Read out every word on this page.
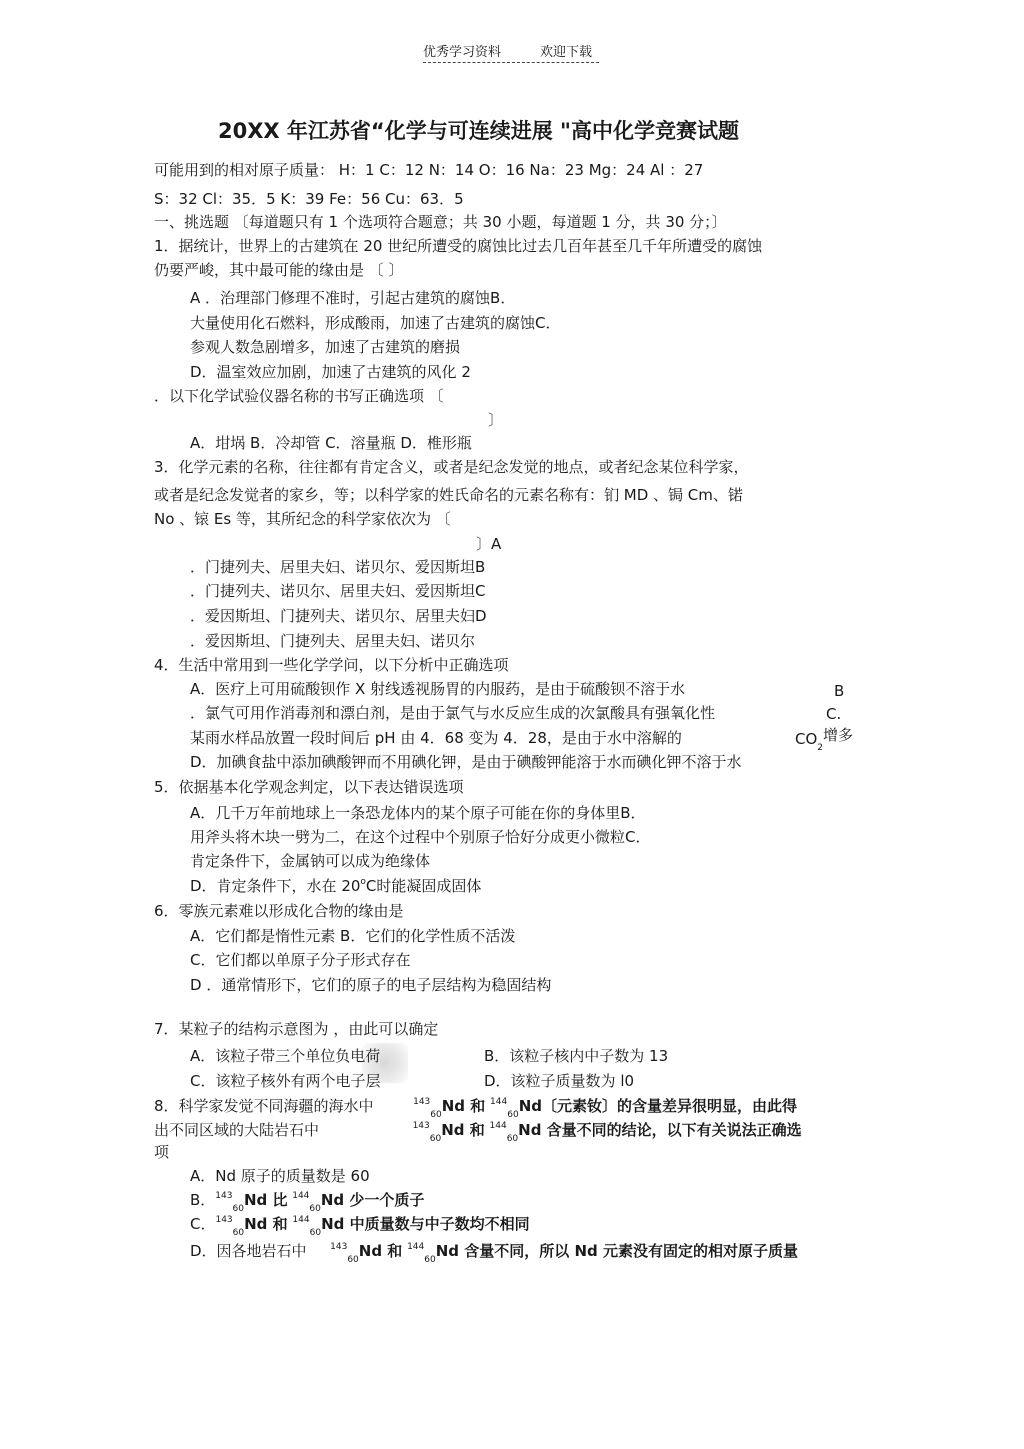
优秀学习资料	欢迎下载
20XX 年江苏省“化学与可连续进展 "高中化学竞赛试题
可能用到的相对原子质量： H：1 C：12 N：14 O：16 Na：23 Mg：24 Al ：27
S：32 Cl：35．5 K：39 Fe：56 Cu：63．5
一、挑选题 〔每道题只有 1 个选项符合题意；共 30 小题，每道题 1 分，共 30 分；〕
1．据统计，世界上的古建筑在 20 世纪所遭受的腐蚀比过去几百年甚至几千年所遭受的腐蚀
仍要严峻，其中最可能的缘由是 〔 〕
A ．治理部门修理不准时，引起古建筑的腐蚀B．
大量使用化石燃料，形成酸雨，加速了古建筑的腐蚀C．
参观人数急剧增多，加速了古建筑的磨损
D．温室效应加剧，加速了古建筑的风化 2
．以下化学试验仪器名称的书写正确选项 〔
〕
A．坩埚 B．冷却管 C．溶量瓶 D．椎形瓶
3．化学元素的名称，往往都有肯定含义，或者是纪念发觉的地点，或者纪念某位科学家，
或者是纪念发觉者的家乡，等；以科学家的姓氏命名的元素名称有：钔 MD 、锔 Cm、锘
No 、锿 Es 等，其所纪念的科学家依次为 〔
〕A
．门捷列夫、居里夫妇、诺贝尔、爱因斯坦B
．门捷列夫、诺贝尔、居里夫妇、爱因斯坦C
．爱因斯坦、门捷列夫、诺贝尔、居里夫妇D
．爱因斯坦、门捷列夫、居里夫妇、诺贝尔
4．生活中常用到一些化学学问，以下分析中正确选项
A．医疗上可用硫酸钡作 X 射线透视肠胃的内服药，是由于硫酸钡不溶于水	B
．氯气可用作消毒剂和漂白剂，是由于氯气与水反应生成的次氯酸具有强氧化性	C.
某雨水样品放置一段时间后 pH 由 4．68 变为 4．28，是由于水中溶解的	$CO_2$增多
D．加碘食盐中添加碘酸钾而不用碘化钾，是由于碘酸钾能溶于水而碘化钾不溶于水
5．依据基本化学观念判定，以下表达错误选项
A．几千万年前地球上一条恐龙体内的某个原子可能在你的身体里B．
用斧头将木块一劈为二，在这个过程中个别原子恰好分成更小微粒C．
肯定条件下，金属钠可以成为绝缘体
D．肯定条件下，水在 20$^o$C时能凝固成固体
6．零族元素难以形成化合物的缘由是
A．它们都是惰性元素 B．它们的化学性质不活泼
C．它们都以单原子分子形式存在
D ．通常情形下，它们的原子的电子层结构为稳固结构
7．某粒子的结构示意图为 ，由此可以确定
A．该粒子带三个单位负电荷	B．该粒子核内中子数为 13
C．该粒子核外有两个电子层	D．该粒子质量数为 l0
8．科学家发觉不同海疆的海水中	$^{143}_{60}$Nd 和 $^{144}_{60}$Nd〔元素钕〕的含量差异很明显，由此得
出不同区域的大陆岩石中	$^{143}_{60}$Nd 和 $^{144}_{60}$Nd 含量不同的结论，以下有关说法正确选
项
A．Nd 原子的质量数是 60
B．$^{143}_{60}$Nd 比 $^{144}_{60}$Nd 少一个质子
C．$^{143}_{60}$Nd 和 $^{144}_{60}$Nd 中质量数与中子数均不相同
D．因各地岩石中	$^{143}_{60}$Nd 和 $^{144}_{60}$Nd 含量不同，所以 Nd 元素没有固定的相对原子质量
